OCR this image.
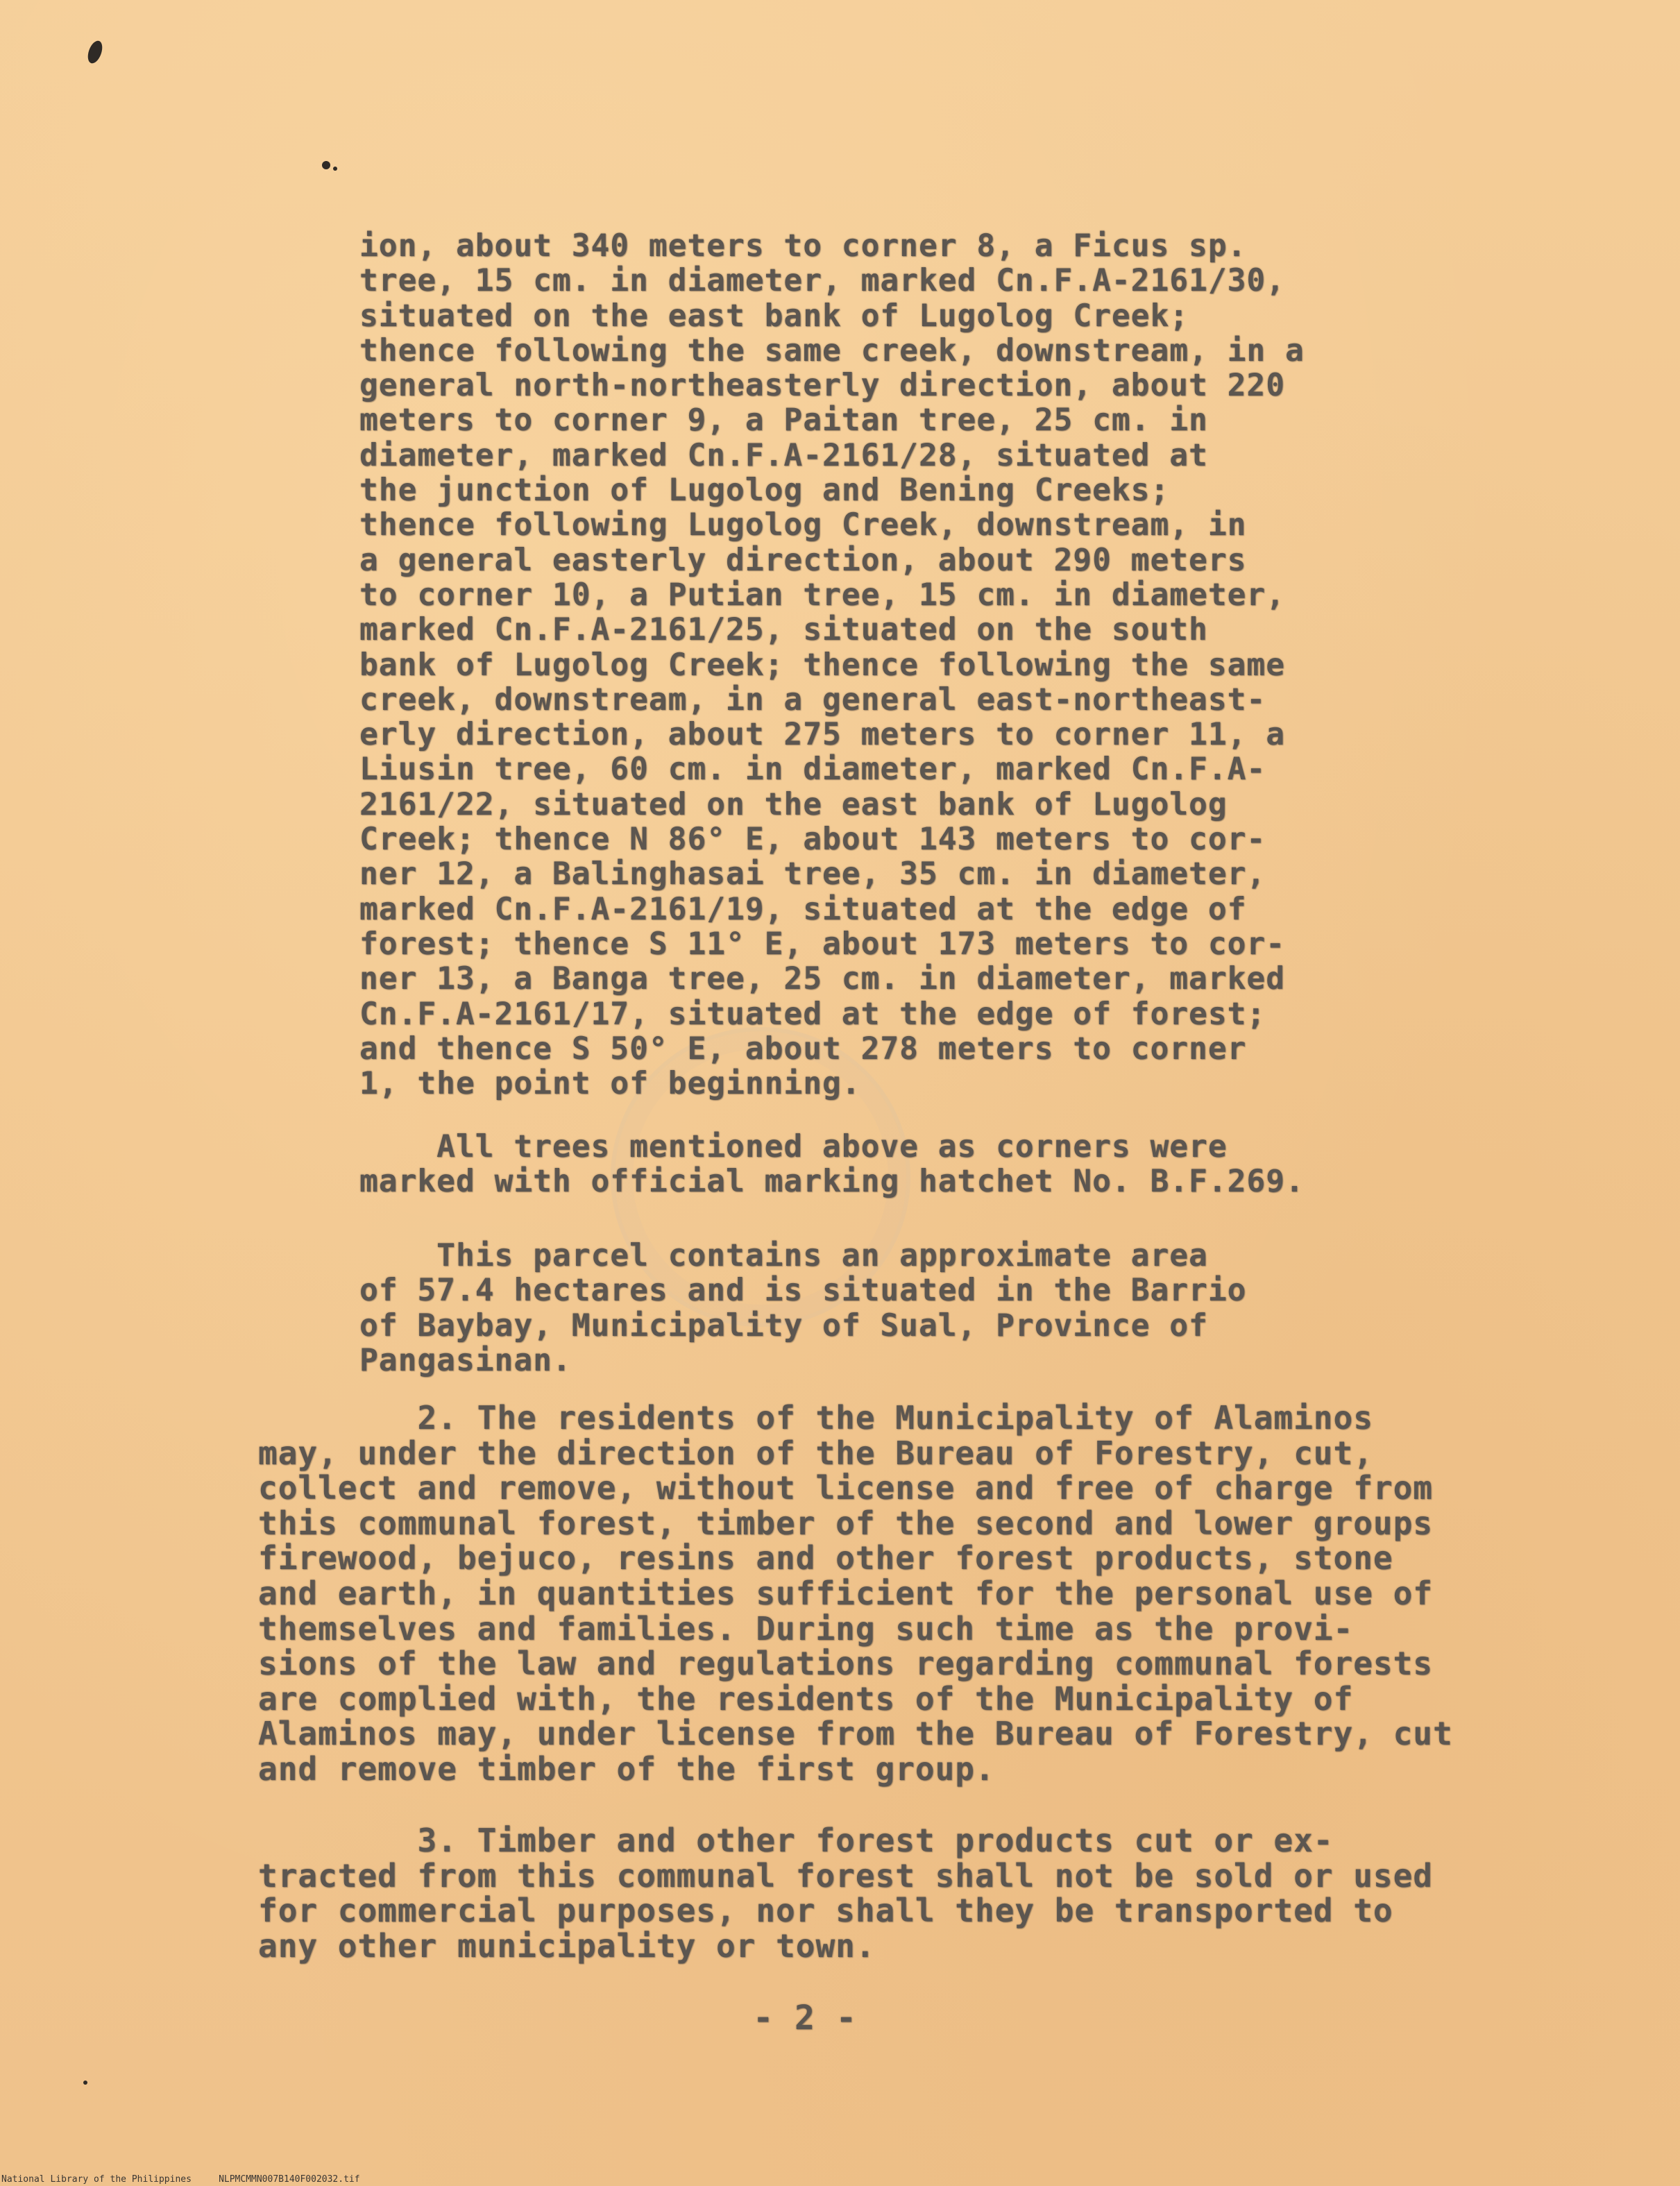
ion, about 340 meters to corner 8, a Ficus sp.
tree, 15 cm. in diameter, marked Cn.F.A-2161/30,
situated on the east bank of Lugolog Creek;
thence following the same creek, downstream, in a
general north-northeasterly direction, about 220
meters to corner 9, a Paitan tree, 25 cm. in
diameter, marked Cn.F.A-2161/28, situated at
the junction of Lugolog and Bening Creeks;
thence following Lugolog Creek, downstream, in
a general easterly direction, about 290 meters
to corner 10, a Putian tree, 15 cm. in diameter,
marked Cn.F.A-2161/25, situated on the south
bank of Lugolog Creek; thence following the same
creek, downstream, in a general east-northeast-
erly direction, about 275 meters to corner 11, a
Liusin tree, 60 cm. in diameter, marked Cn.F.A-
2161/22, situated on the east bank of Lugolog
Creek; thence N 86° E, about 143 meters to cor-
ner 12, a Balinghasai tree, 35 cm. in diameter,
marked Cn.F.A-2161/19, situated at the edge of
forest; thence S 11° E, about 173 meters to cor-
ner 13, a Banga tree, 25 cm. in diameter, marked
Cn.F.A-2161/17, situated at the edge of forest;
and thence S 50° E, about 278 meters to corner
1, the point of beginning.
All trees mentioned above as corners were
marked with official marking hatchet No. B.F.269.
This parcel contains an approximate area
of 57.4 hectares and is situated in the Barrio
of Baybay, Municipality of Sual, Province of
Pangasinan.
2. The residents of the Municipality of Alaminos
may, under the direction of the Bureau of Forestry, cut,
collect and remove, without license and free of charge from
this communal forest, timber of the second and lower groups
firewood, bejuco, resins and other forest products, stone
and earth, in quantities sufficient for the personal use of
themselves and families. During such time as the provi-
sions of the law and regulations regarding communal forests
are complied with, the residents of the Municipality of
Alaminos may, under license from the Bureau of Forestry, cut
and remove timber of the first group.
3. Timber and other forest products cut or ex-
tracted from this communal forest shall not be sold or used
for commercial purposes, nor shall they be transported to
any other municipality or town.
- 2 -
National Library of the Philippines     NLPMCMMN007B140F002032.tif
